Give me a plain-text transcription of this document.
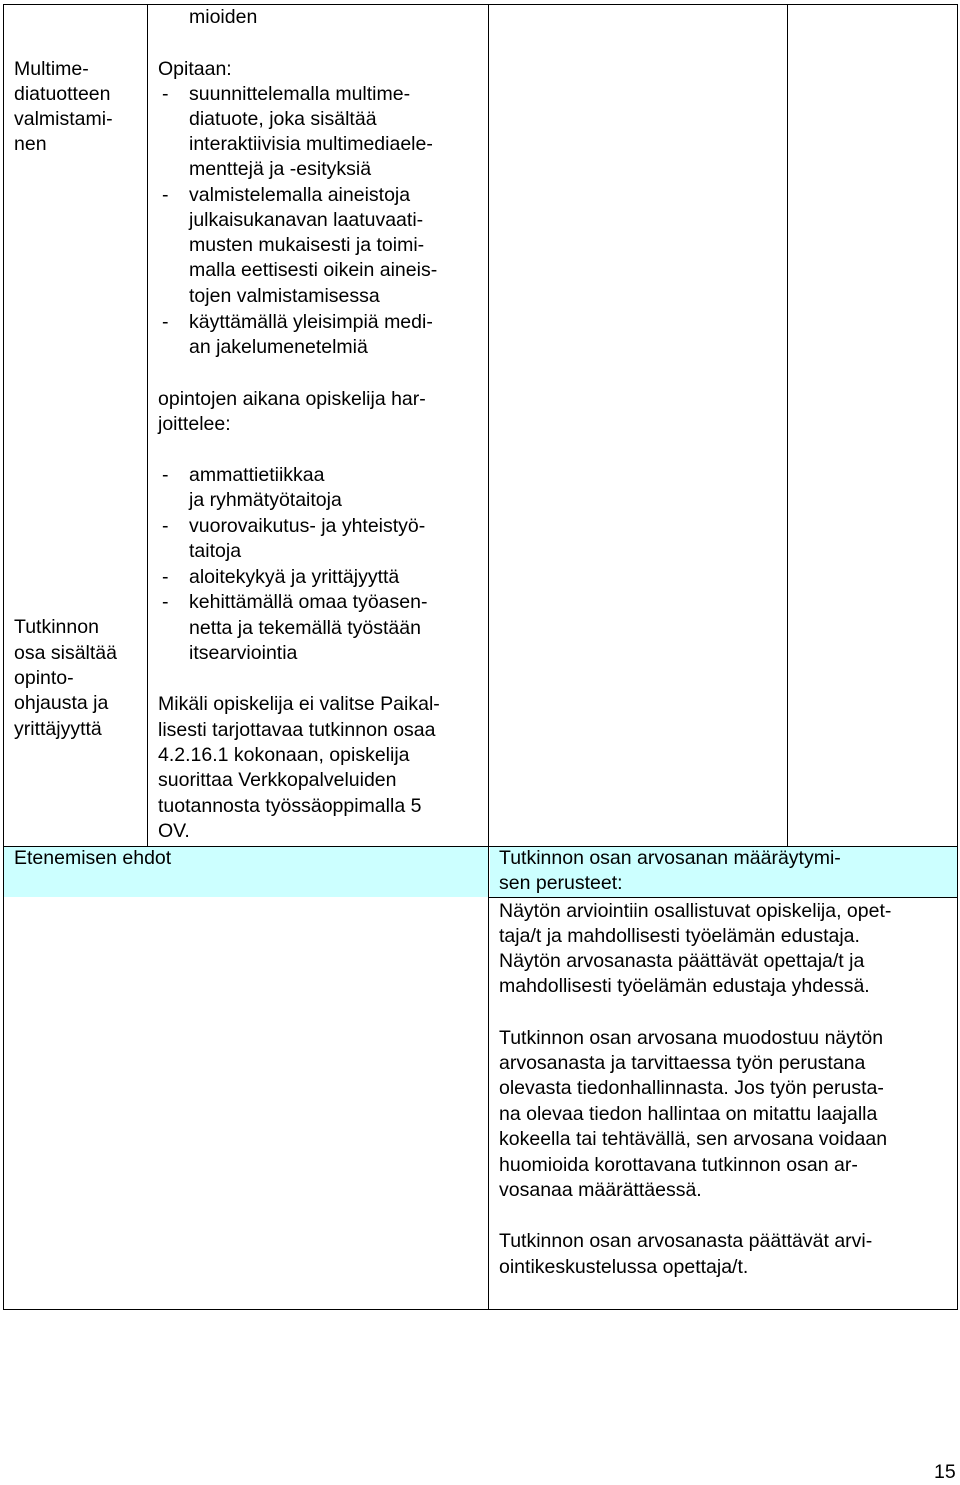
mioiden
Multime-
diatuotteen
valmistami-
nen
Opitaan:
- suunnittelemalla multime-
diatuote, joka sisältää
interaktiivisia multimediaele-
menttejä ja -esityksiä
- valmistelemalla aineistoja
julkaisukanavan laatuvaati-
musten mukaisesti ja toimi-
malla eettisesti oikein aineis-
tojen valmistamisessa
- käyttämällä yleisimpiä medi-
an jakelumenetelmiä
Tutkinnon
osa sisältää
opinto-
ohjausta ja
yrittäjyyttä
opintojen aikana opiskelija har-
joittelee:
- ammattietiikkaa
ja ryhmätyötaitoja
- vuorovaikutus- ja yhteistyö-
taitoja
- aloitekykyä ja yrittäjyyttä
- kehittämällä omaa työasen-
netta ja tekemällä työstään
itsearviointia
Mikäli opiskelija ei valitse Paikal-
lisesti tarjottavaa tutkinnon osaa
4.2.16.1 kokonaan, opiskelija
suorittaa Verkkopalveluiden
tuotannosta työssäoppimalla 5
OV.
Etenemisen ehdot	Tutkinnon osan arvosanan määräytymi-
sen perusteet:
Näytön arviointiin osallistuvat opiskelija, opet-
taja/t ja mahdollisesti työelämän edustaja.
Näytön arvosanasta päättävät opettaja/t ja
mahdollisesti työelämän edustaja yhdessä.
Tutkinnon osan arvosana muodostuu näytön
arvosanasta ja tarvittaessa työn perustana
olevasta tiedonhallinnasta. Jos työn perusta-
na olevaa tiedon hallintaa on mitattu laajalla
kokeella tai tehtävällä, sen arvosana voidaan
huomioida korottavana tutkinnon osan ar-
vosanaa määrättäessä.
Tutkinnon osan arvosanasta päättävät arvi-
ointikeskustelussa opettaja/t.
15
